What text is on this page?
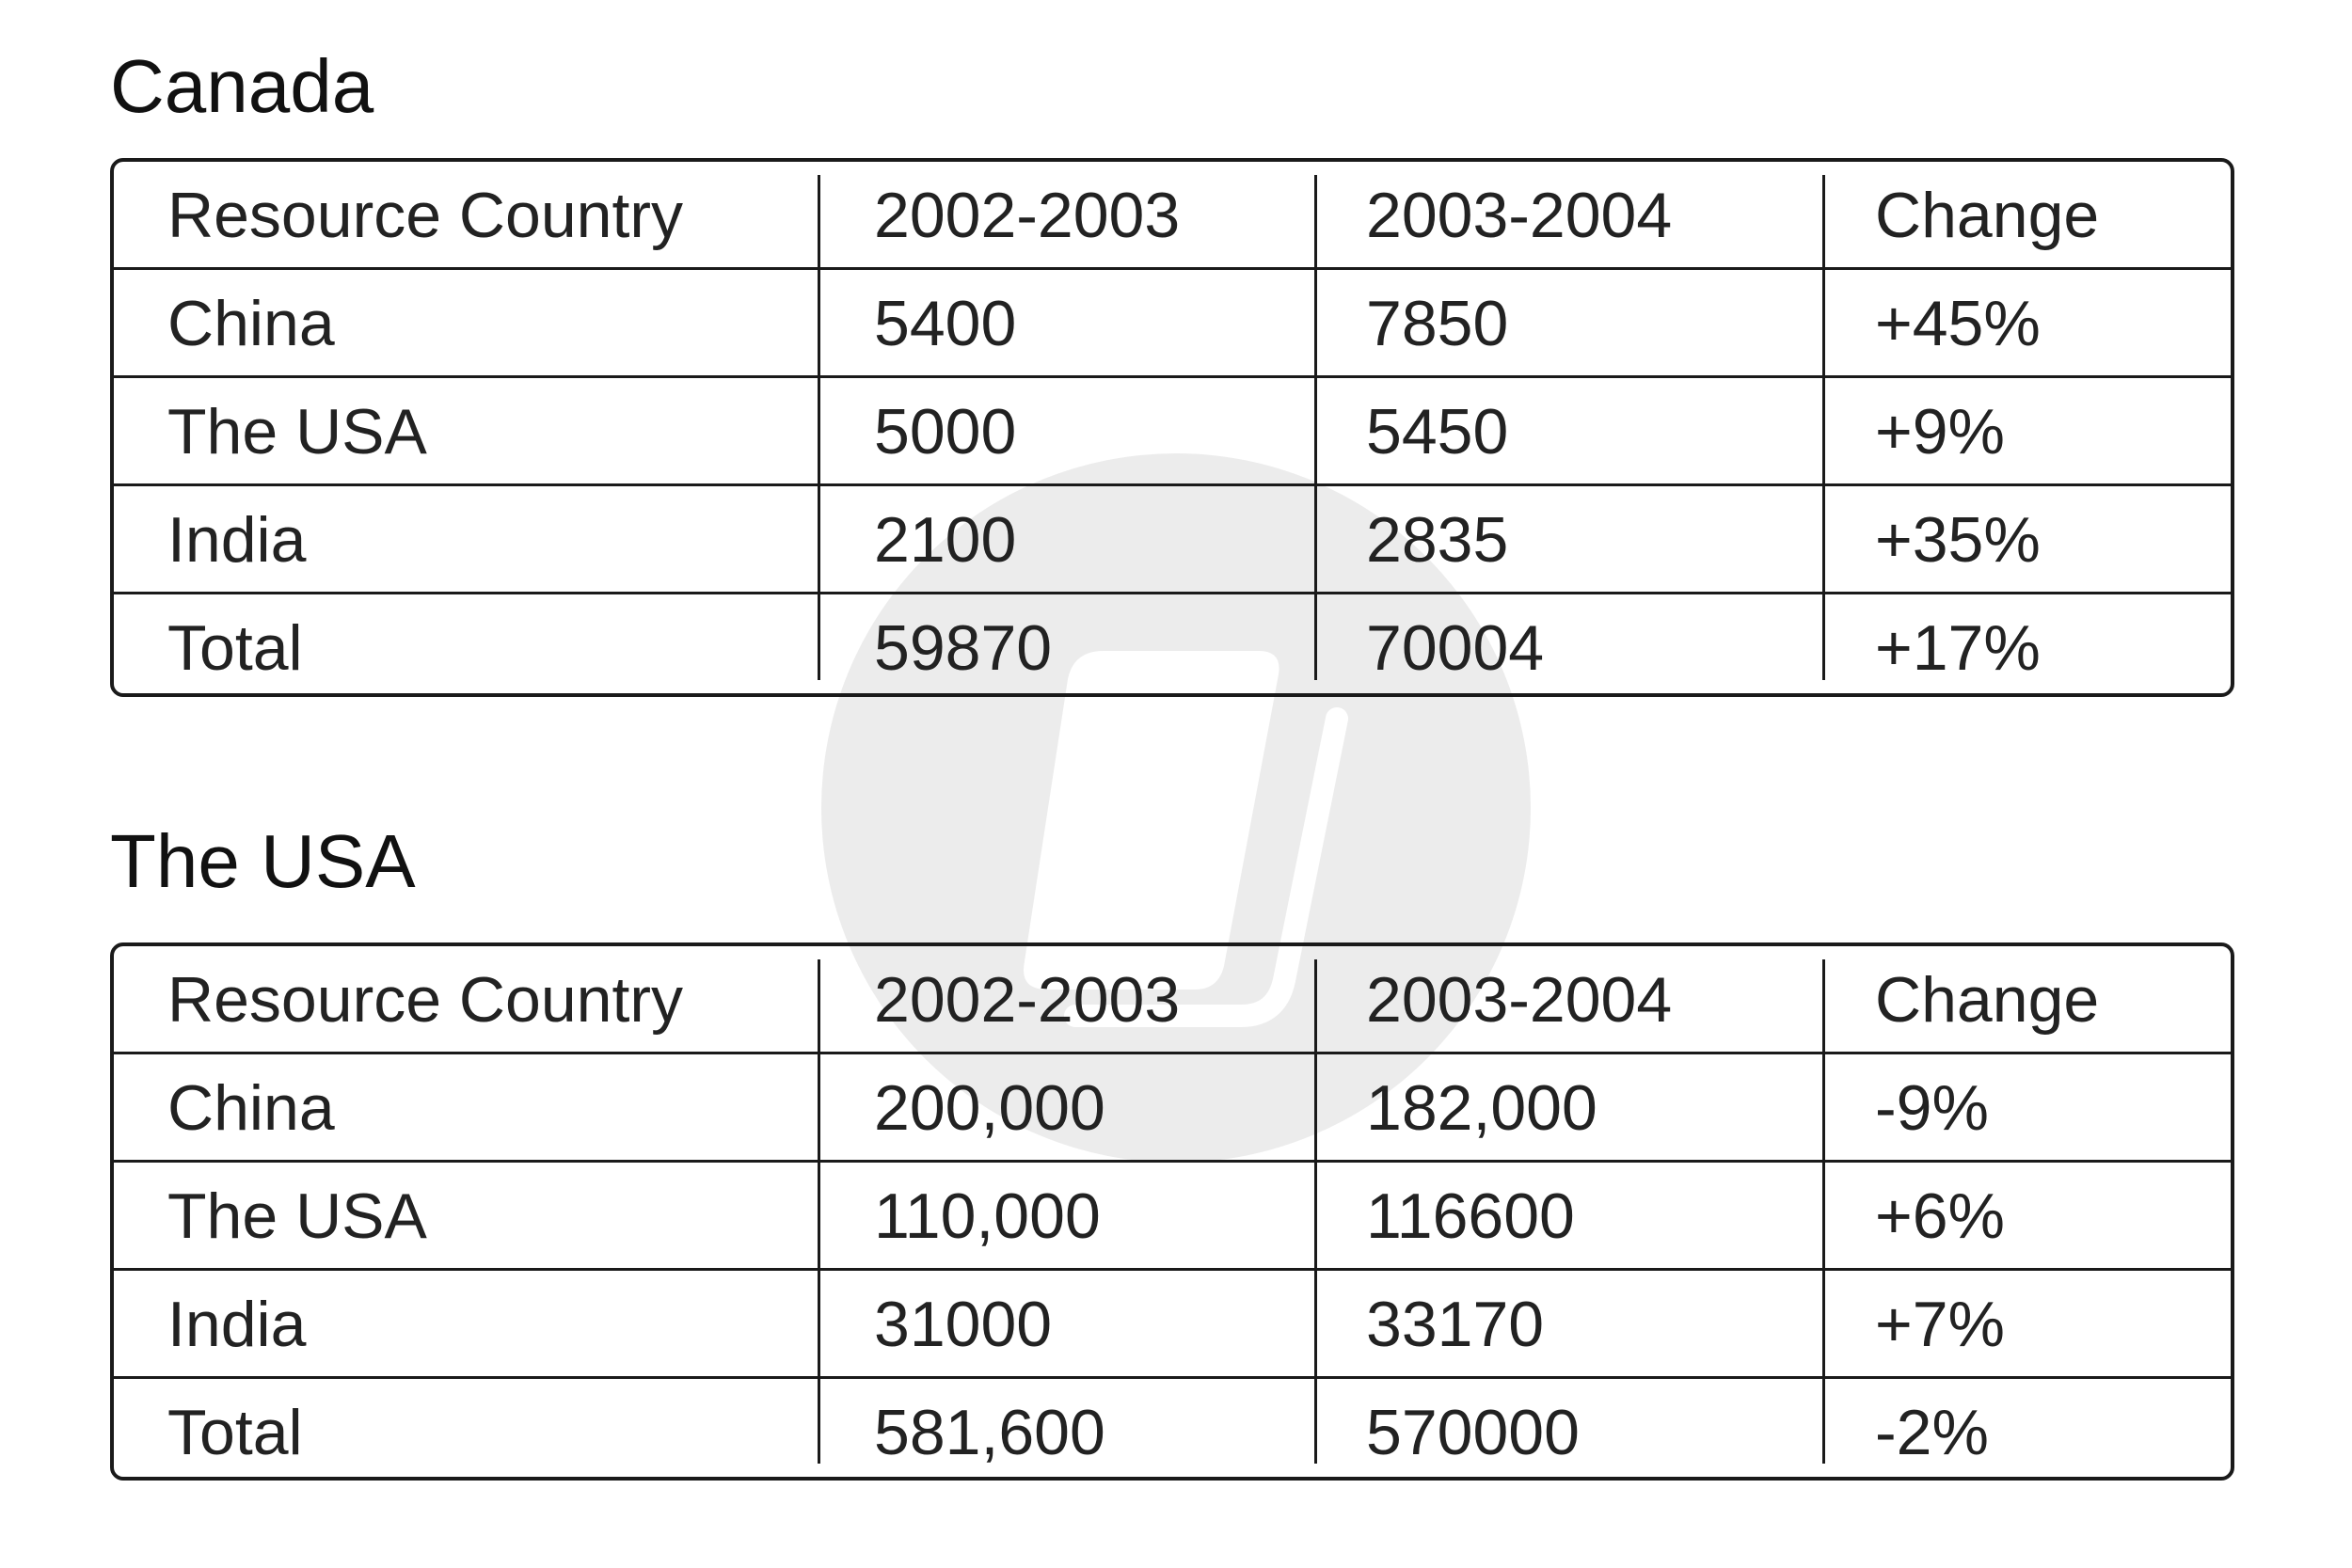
Canada
Resource Country	2002-2003	2003-2004	Change
China	5400	7850	+45%
The USA	5000	5450	+9%
India	2100	2835	+35%
Total	59870	70004	+17%
The USA
Resource Country	2002-2003	2003-2004	Change
China	200,000	182,000	-9%
The USA	110,000	116600	+6%
India	31000	33170	+7%
Total	581,600	570000	-2%
